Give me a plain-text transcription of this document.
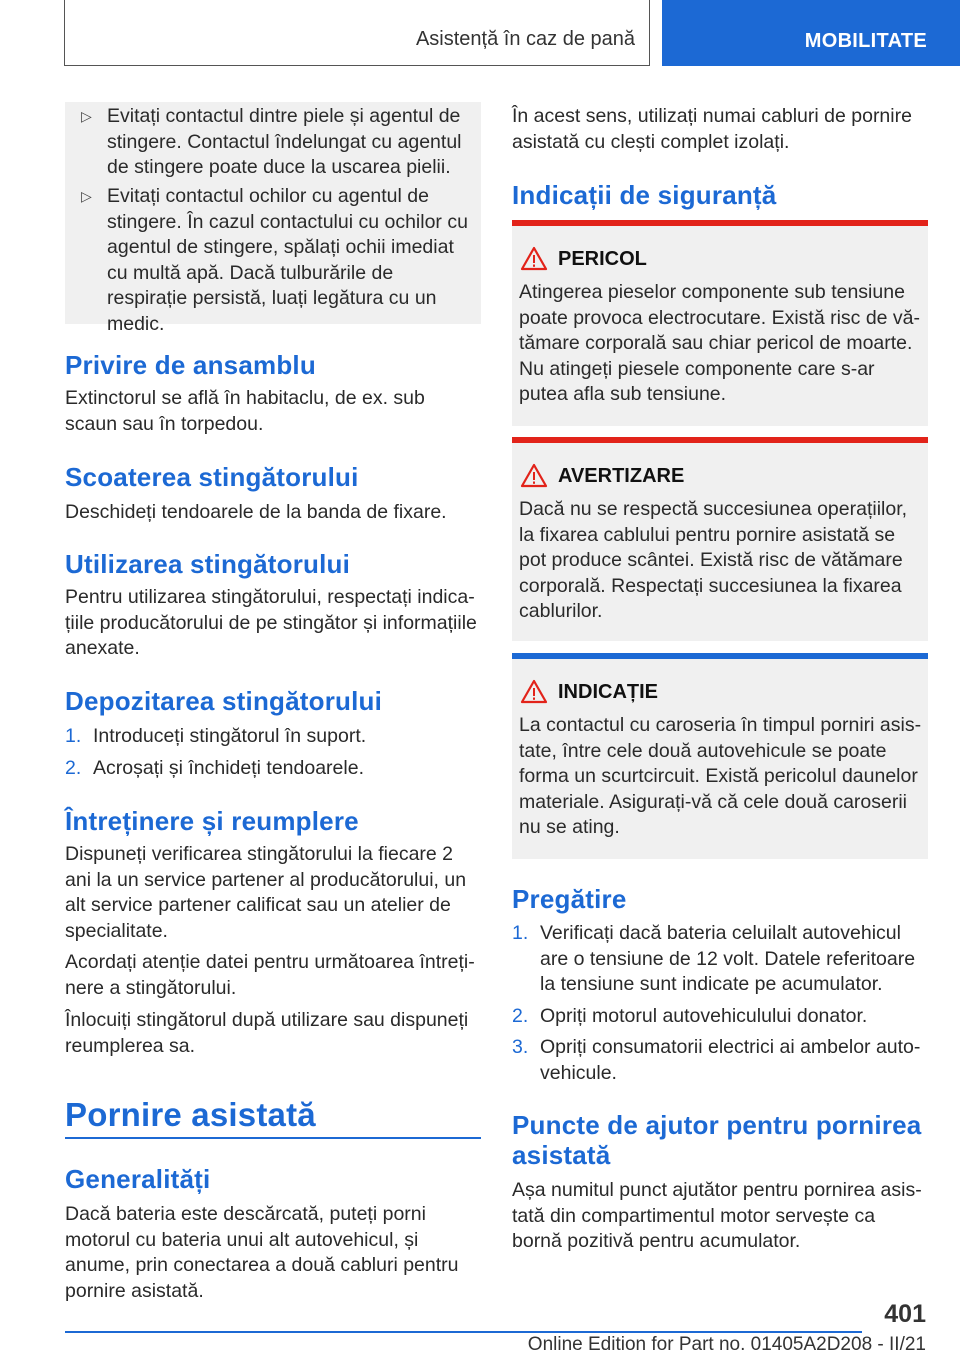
Asistență în caz de pană	MOBILITATE
▷ Evitați contactul dintre piele și agentul de stingere. Contactul îndelungat cu agentul de stingere poate duce la uscarea pielii.
▷ Evitați contactul ochilor cu agentul de stingere. În cazul contactului cu ochilor cu agentul de stingere, spălați ochii imediat cu multă apă. Dacă tulburările de respirație persistă, luați legătura cu un medic.
Privire de ansamblu

Extinctorul se află în habitaclu, de ex. sub scaun sau în torpedou.

Scoaterea stingătorului

Deschideți tendoarele de la banda de fixare.

Utilizarea stingătorului

Pentru utilizarea stingătorului, respectați indicațiile producătorului de pe stingător și informațiile anexate.

Depozitarea stingătorului
1. Introduceți stingătorul în suport.
2. Acroșați și închideți tendoarele.
Întreținere și reumplere

Dispuneți verificarea stingătorului la fiecare 2 ani la un service partener al producătorului, un alt service partener calificat sau un atelier de specialitate.

Acordați atenție datei pentru următoarea întreținere a stingătorului.

Înlocuiți stingătorul după utilizare sau dispuneți reumplerea sa.

Pornire asistată
Generalități

Dacă bateria este descărcată, puteți porni motorul cu bateria unui alt autovehicul, și anume, prin conectarea a două cabluri pentru pornire asistată.

În acest sens, utilizați numai cabluri de pornire asistată cu clești complet izolați.

Indicații de siguranță
PERICOL

Atingerea pieselor componente sub tensiune poate provoca electrocutare. Există risc de vătămare corporală sau chiar pericol de moarte. Nu atingeți piesele componente care s-ar putea afla sub tensiune.

AVERTIZARE

Dacă nu se respectă succesiunea operațiilor, la fixarea cablului pentru pornire asistată se pot produce scântei. Există risc de vătămare corporală. Respectați succesiunea la fixarea cablurilor.

INDICAȚIE

La contactul cu caroseria în timpul porniri asistate, între cele două autovehicule se poate forma un scurtcircuit. Există pericolul daunelor materiale. Asigurați-vă că cele două caroserii nu se ating.

Pregătire
1. Verificați dacă bateria celuilalt autovehicul are o tensiune de 12 volt. Datele referitoare la tensiune sunt indicate pe acumulator.
2. Opriți motorul autovehiculului donator.
3. Opriți consumatorii electrici ai ambelor autovehicule.
Puncte de ajutor pentru pornirea asistată

Așa numitul punct ajutător pentru pornirea asistată din compartimentul motor servește ca bornă pozitivă pentru acumulator.

401
Online Edition for Part no. 01405A2D208 - II/21
